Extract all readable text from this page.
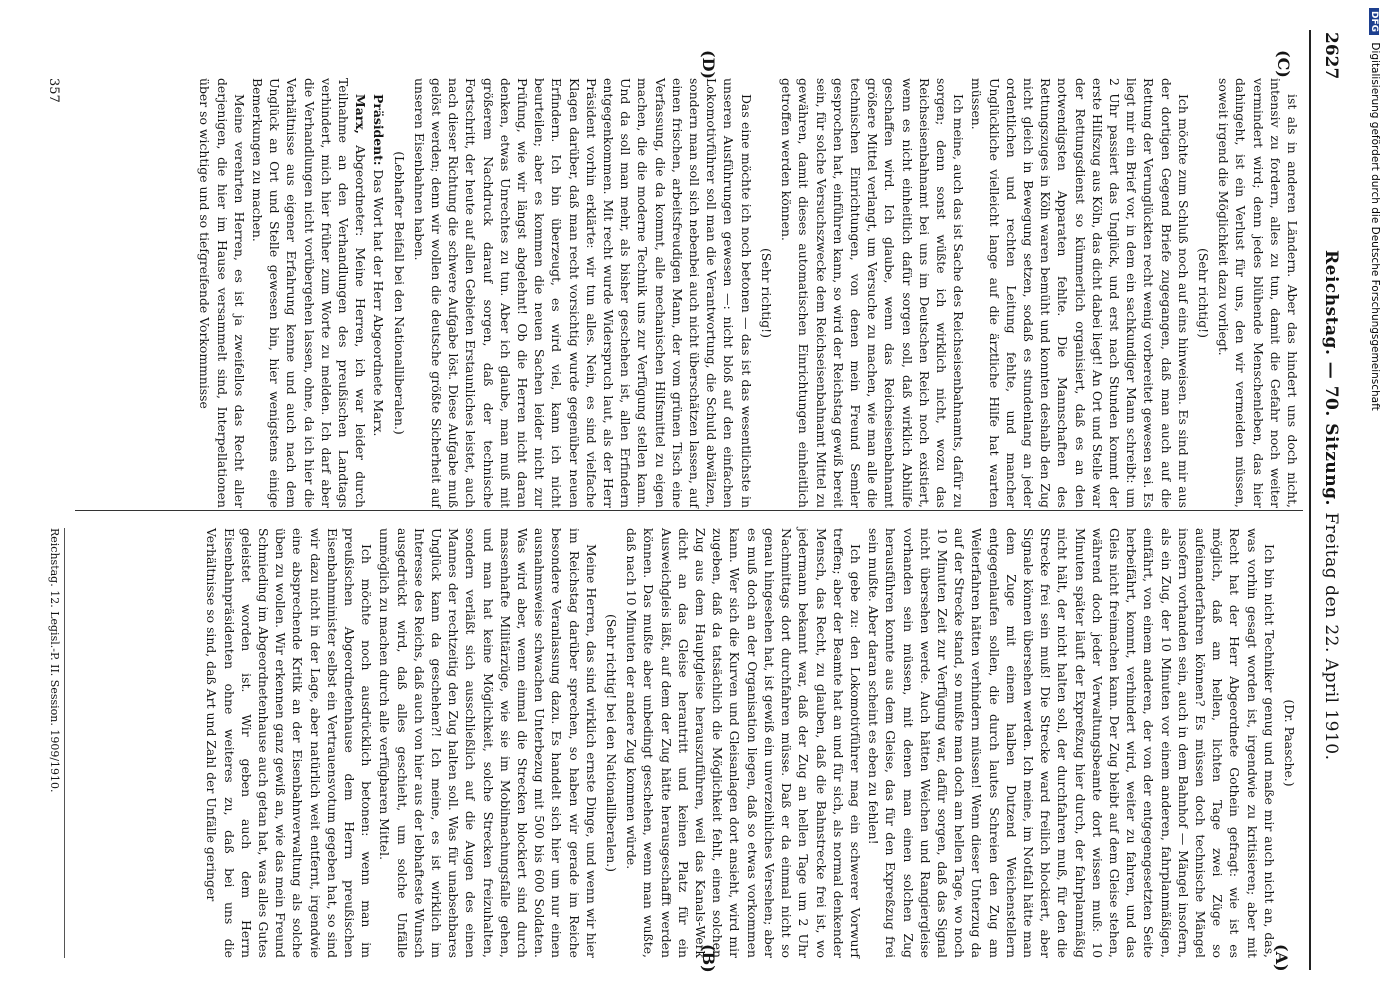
DFG Digitalisierung gefördert durch die Deutsche Forschungsgemeinschaft
2627
Reichstag. — 70. Sitzung. Freitag den 22. April 1910.
(C)
(D)
(A)
(B)

ist als in anderen Ländern. Aber das hindert uns doch nicht, intensiv zu fordern, alles zu tun, damit die Gefahr noch weiter vermindert wird; denn jedes blühende Menschenleben, das hier dahingeht, ist ein Verlust für uns, den wir vermeiden müssen, soweit irgend die Möglichkeit dazu vorliegt.

(Sehr richtig!)

Ich möchte zum Schluß noch auf eins hinweisen. Es sind mir aus der dortigen Gegend Briefe zugegangen, daß man auch auf die Rettung der Verunglückten recht wenig vorbereitet gewesen sei. Es liegt mir ein Brief vor, in dem ein sachkundiger Mann schreibt: um 2 Uhr passiert das Unglück, und erst nach Stunden kommt der erste Hilfszug aus Köln, das dicht dabei liegt! An Ort und Stelle war der Rettungsdienst so kümmerlich organisiert, daß es an den notwendigsten Apparaten fehlte. Die Mannschaften des Rettungszuges in Köln waren bemüht und konnten deshalb den Zug nicht gleich in Bewegung setzen, sodaß es stundenlang an jeder ordentlichen und rechten Leitung fehlte, und mancher Unglückliche vielleicht lange auf die ärztliche Hilfe hat warten müssen.

Ich meine, auch das ist Sache des Reichseisenbahnamts, dafür zu sorgen; denn sonst wüßte ich wirklich nicht, wozu das Reichseisenbahnamt bei uns im Deutschen Reich noch existiert, wenn es nicht einheitlich dafür sorgen soll, daß wirklich Abhilfe geschaffen wird. Ich glaube, wenn das Reichseisenbahnamt größere Mittel verlangt, um Versuche zu machen, wie man alle die technischen Einrichtungen, von denen mein Freund Semler gesprochen hat, einführen kann, so wird der Reichstag gewiß bereit sein, für solche Versuchszwecke dem Reichseisenbahnamt Mittel zu gewähren, damit dieses automatischen Einrichtungen einheitlich getroffen werden können.

(Sehr richtig!)

Das eine möchte ich noch betonen — das ist das wesentlichste in unseren Ausführungen gewesen —: nicht bloß auf den einfachen Lokomotivführer soll man die Verantwortung, die Schuld abwälzen, sondern man soll sich nebenbei auch nicht überschätzen lassen, auf einen frischen, arbeitsfreudigen Mann, der vom grünen Tisch eine Verfassung, die da kommt, alle mechanischen Hilfsmittel zu eigen machen, die die moderne Technik uns zur Verfügung stellen kann. Und da soll man mehr, als bisher geschehen ist, allen Erfindern entgegenkommen. Mit recht wurde Widerspruch laut, als der Herr Präsident vorhin erklärte: wir tun alles. Nein, es sind vielfache Klagen darüber, daß man recht vorsichtig wurde gegenüber neuen Erfindern. Ich bin überzeugt, es wird viel, kann ich nicht beurteilen; aber es kommen die neuen Sachen leider nicht zur Prüfung, wie wir längst abgelehnt! Ob die Herren nicht daran denken, etwas Unrechtes zu tun. Aber ich glaube, man muß mit größerem Nachdruck darauf sorgen, daß der technische Fortschritt, der heute auf allen Gebieten Erstaunliches leistet, auch nach dieser Richtung die schwere Aufgabe löst. Diese Aufgabe muß gelöst werden; denn wir wollen die deutsche größte Sicherheit auf unseren Eisenbahnen haben.

(Lebhafter Beifall bei den Nationalliberalen.)

Präsident: Das Wort hat der Herr Abgeordnete Marx.

Marx, Abgeordneter: Meine Herren, ich war leider durch Teilnahme an den Verhandlungen des preußischen Landtags verhindert, mich hier früher zum Worte zu melden. Ich darf aber die Verhandlungen nicht vorübergehen lassen, ohne, da ich hier die Verhältnisse aus eigener Erfahrung kenne und auch nach dem Unglück an Ort und Stelle gewesen bin, hier wenigstens einige Bemerkungen zu machen.

Meine verehrten Herren, es ist ja zweifellos das Recht aller derjenigen, die hier im Hause versammelt sind, Interpellationen über so wichtige und so tiefgreifende Vorkommnisse

(Dr. Paasche.)

Ich bin nicht Techniker genug und maße mir auch nicht an, das, was vorhin gesagt worden ist, irgendwie zu kritisieren; aber mit Recht hat der Herr Abgeordnete Gothein gefragt: wie ist es möglich, daß am hellen, lichten Tage zwei Züge so aufeinanderfahren können? Es müssen doch technische Mängel insofern vorhanden sein, auch in dem Bahnhof — Mängel insofern, als ein Zug, der 10 Minuten vor einem anderen, fahrplanmäßigen, einfährt, von einem anderen, der von der entgegengesetzten Seite herbeifährt, kommt, verhindert wird, weiter zu fahren, und das Gleis nicht freimachen kann. Der Zug bleibt auf dem Gleise stehen, während doch jeder Verwaltungsbeamte dort wissen muß: 10 Minuten später läuft der Expreßzug hier durch, der fahrplanmäßig nicht hält, der nicht halten soll, der durchfahren muß, für den die Strecke frei sein muß! Die Strecke ward freilich blockiert, aber Signale können übersehen werden. Ich meine, im Notfall hätte man dem Zuge mit einem halben Dutzend Weichenstellern entgegenlaufen sollen, die durch lautes Schreien den Zug am Weiterfahren hätten verhindern müssen! Wenn dieser Unterzug da auf der Strecke stand, so mußte man doch am hellen Tage, wo noch 10 Minuten Zeit zur Verfügung war, dafür sorgen, daß das Signal nicht übersehen werde. Auch hätten Weichen und Rangiergleise vorhanden sein müssen, mit denen man einen solchen Zug herausführen konnte aus dem Gleise, das für den Expreßzug frei sein mußte. Aber daran scheint es eben zu fehlen!

Ich gebe zu: den Lokomotivführer mag ein schwerer Vorwurf treffen; aber der Beamte hat an und für sich, als normal denkender Mensch, das Recht, zu glauben, daß die Bahnstrecke frei ist, wo jedermann bekannt war, daß der Zug an hellen Tage um 2 Uhr Nachmittags dort durchfahren müsse. Daß er da einmal nicht so genau hingesehen hat, ist gewiß ein unverzeihliches Versehen; aber es muß doch an der Organisation liegen, daß so etwas vorkommen kann. Wer sich die Kurven und Gleisanlagen dort ansieht, wird mir zugeben, daß da tatsächlich die Möglichkeit fehlt, einen solchen Zug aus dem Hauptgleise herauszuführen, weil das Kanals-Werk dicht an das Gleise herantritt und keinen Platz für ein Ausweichgleis läßt, auf dem der Zug hätte herausgeschafft werden können. Das mußte aber unbedingt geschehen, wenn man wußte, daß nach 10 Minuten der andere Zug kommen würde.

(Sehr richtig! bei den Nationalliberalen.)

Meine Herren, das sind wirklich ernste Dinge, und wenn wir hier im Reichstag darüber sprechen, so haben wir gerade im Reiche besondere Veranlassung dazu. Es handelt sich hier um nur einen ausnahmsweise schwachen Unterbezug mit 500 bis 600 Soldaten. Was wird aber, wenn einmal die Strecken blockiert sind durch massenhafte Militärzüge, wie sie im Mobilmachungsfalle gehen, und man hat keine Möglichkeit, solche Strecken freizuhalten, sondern verläßt sich ausschließlich auf die Augen des einen Mannes der rechtzeitig den Zug halten soll. Was für unabsehbares Unglück kann da geschehen?! Ich meine, es ist wirklich im Interesse des Reichs, daß auch von hier aus der lebhafteste Wunsch ausgedrückt wird, daß alles geschieht, um solche Unfälle unmöglich zu machen durch alle verfügbaren Mittel.

Ich möchte noch ausdrücklich betonen: wenn man im preußischen Abgeordnetenhause dem Herrn preußischen Eisenbahnminister selbst ein Vertrauensvotum gegeben hat, so sind wir dazu nicht in der Lage, aber natürlich weit entfernt, irgendwie eine absprechende Kritik an der Eisenbahnverwaltung als solche üben zu wollen. Wir erkennen ganz gewiß an, wie das mein Freund Schmieding im Abgeordnetenhause auch getan hat, was alles Gutes geleistet worden ist. Wir geben auch dem Herrn Eisenbahnpräsidenten ohne weiteres zu, daß bei uns die Verhältnisse so sind, daß Art und Zahl der Unfälle geringer

Reichstag. 12. Legisl.-P. II. Session. 1909/1910.
357
